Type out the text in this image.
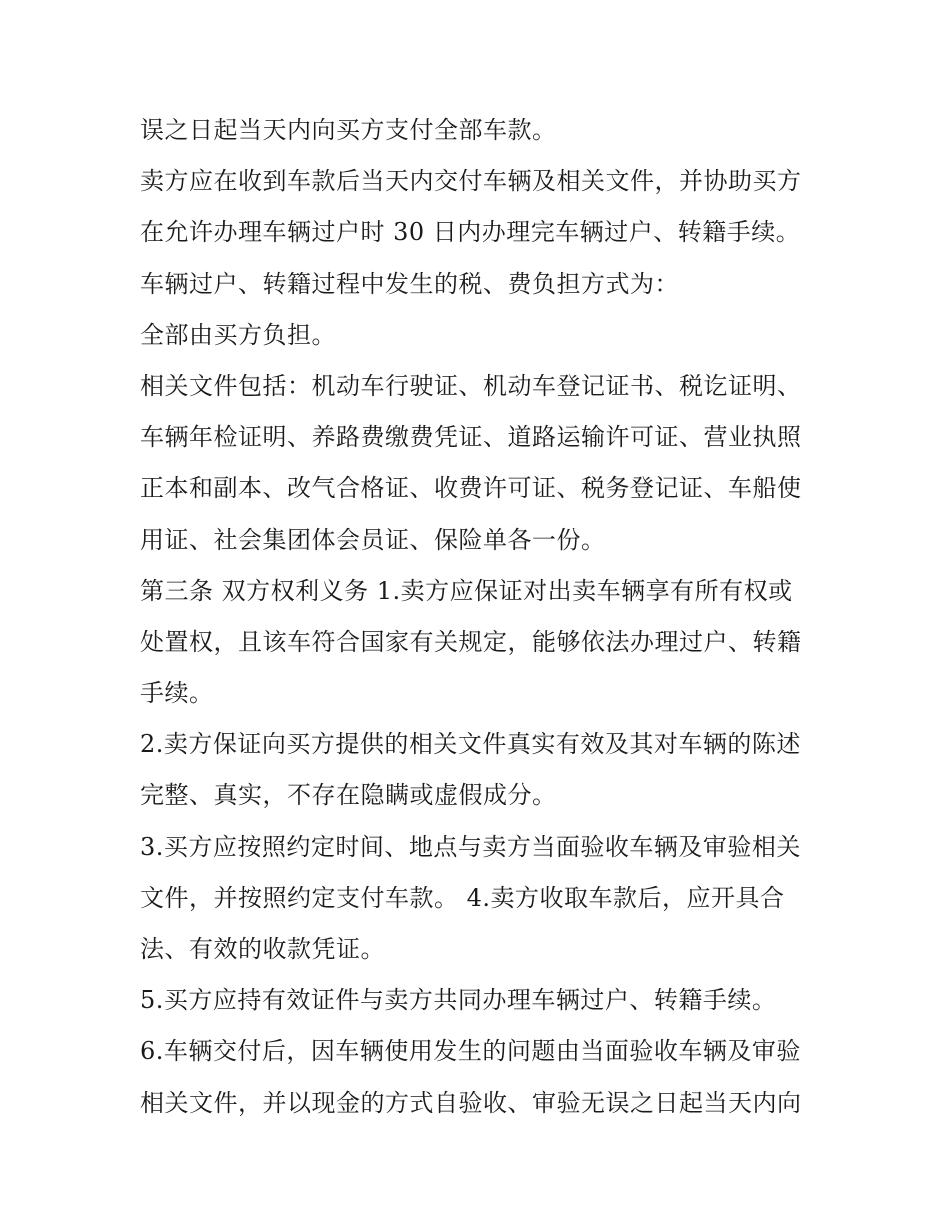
误之日起当天内向买方支付全部车款。
卖方应在收到车款后当天内交付车辆及相关文件，并协助买方
在允许办理车辆过户时 30 日内办理完车辆过户、转籍手续。
车辆过户、转籍过程中发生的税、费负担方式为：
全部由买方负担。
相关文件包括：机动车行驶证、机动车登记证书、税讫证明、
车辆年检证明、养路费缴费凭证、道路运输许可证、营业执照
正本和副本、改气合格证、收费许可证、税务登记证、车船使
用证、社会集团体会员证、保险单各一份。
第三条 双方权利义务 1.卖方应保证对出卖车辆享有所有权或
处置权，且该车符合国家有关规定，能够依法办理过户、转籍
手续。
2.卖方保证向买方提供的相关文件真实有效及其对车辆的陈述
完整、真实，不存在隐瞒或虚假成分。
3.买方应按照约定时间、地点与卖方当面验收车辆及审验相关
文件，并按照约定支付车款。 4.卖方收取车款后，应开具合
法、有效的收款凭证。
5.买方应持有效证件与卖方共同办理车辆过户、转籍手续。
6.车辆交付后，因车辆使用发生的问题由当面验收车辆及审验
相关文件，并以现金的方式自验收、审验无误之日起当天内向
